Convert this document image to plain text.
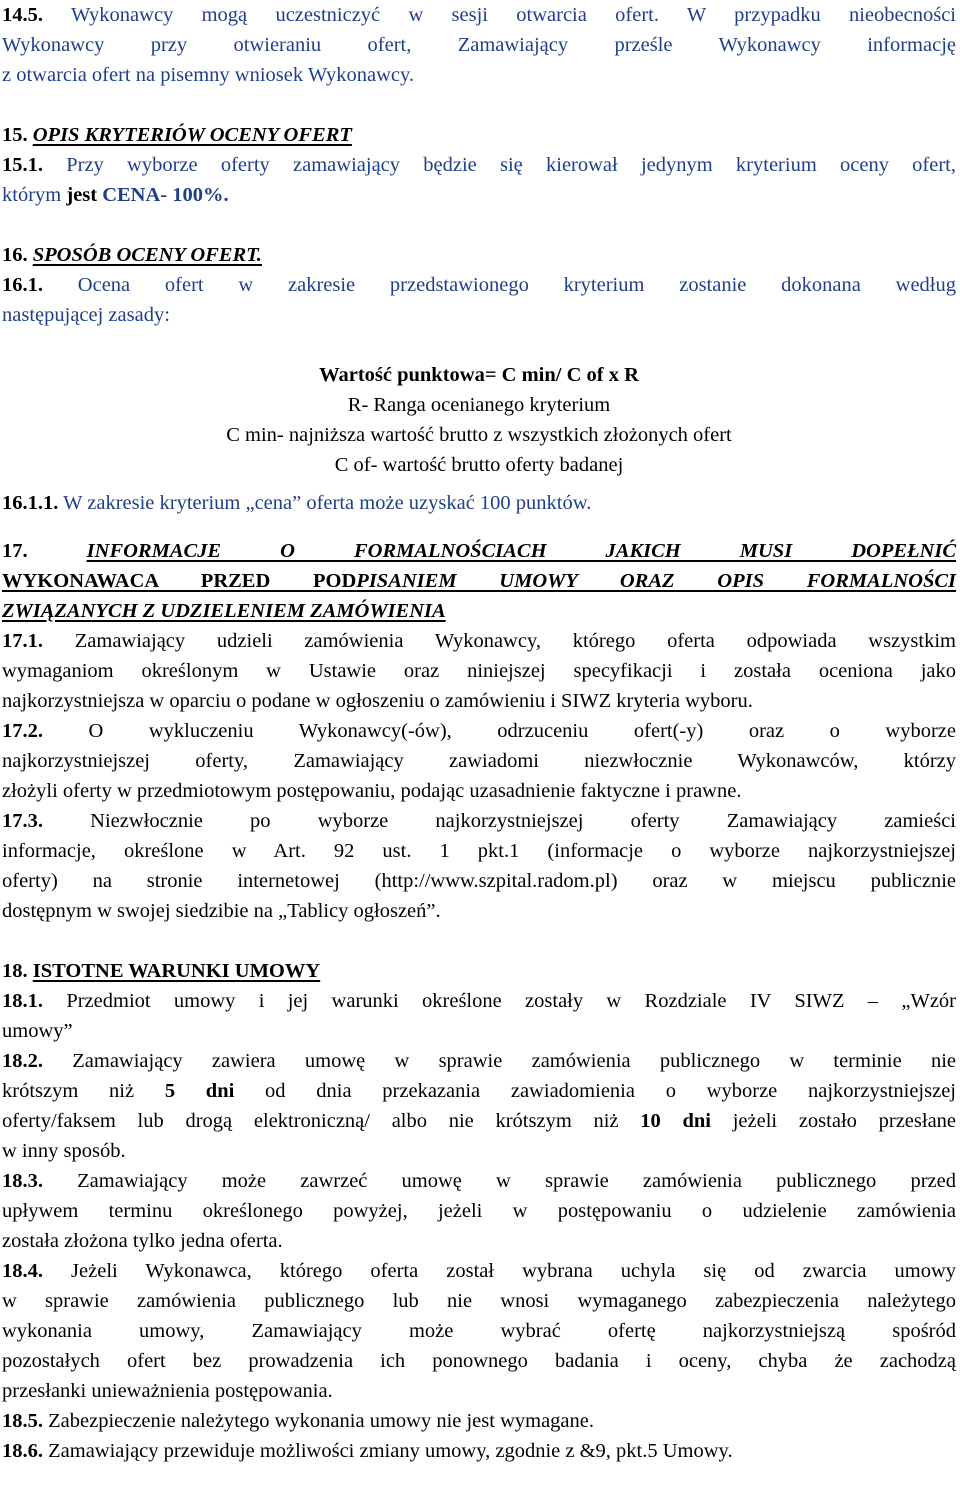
14.5. Wykonawcy mogą uczestniczyć w sesji otwarcia ofert. W przypadku nieobecności

Wykonawcy przy otwieraniu ofert, Zamawiający prześle Wykonawcy informację

z otwarcia ofert na pisemny wniosek Wykonawcy.

15. OPIS KRYTERIÓW OCENY OFERT

15.1. Przy wyborze oferty zamawiający będzie się kierował jedynym kryterium oceny ofert,

którym jest CENA- 100%.

16. SPOSÓB OCENY OFERT.

16.1. Ocena ofert w zakresie przedstawionego kryterium zostanie dokonana według

następującej zasady:

Wartość punktowa= C min/ C of x R

R- Ranga ocenianego kryterium

C min- najniższa wartość brutto z wszystkich złożonych ofert

C of- wartość brutto oferty badanej

16.1.1. W zakresie kryterium „cena” oferta może uzyskać 100 punktów.

17.	INFORMACJE O FORMALNOŚCIACH JAKICH MUSI DOPEŁNIĆ

WYKONAWACA PRZED PODPISANIEM UMOWY ORAZ OPIS FORMALNOŚCI

ZWIĄZANYCH Z UDZIELENIEM ZAMÓWIENIA

17.1. Zamawiający udzieli zamówienia Wykonawcy, którego oferta odpowiada wszystkim

wymaganiom określonym w Ustawie oraz niniejszej specyfikacji i została oceniona jako

najkorzystniejsza w oparciu o podane w ogłoszeniu o zamówieniu i SIWZ kryteria wyboru.

17.2. O wykluczeniu Wykonawcy(-ów), odrzuceniu ofert(-y) oraz o wyborze

najkorzystniejszej oferty, Zamawiający zawiadomi niezwłocznie Wykonawców, którzy

złożyli oferty w przedmiotowym postępowaniu, podając uzasadnienie faktyczne i prawne.

17.3. Niezwłocznie po wyborze najkorzystniejszej oferty Zamawiający zamieści

informacje, określone w Art. 92 ust. 1 pkt.1 (informacje o wyborze najkorzystniejszej

oferty) na stronie internetowej (http://www.szpital.radom.pl) oraz w miejscu publicznie

dostępnym w swojej siedzibie na „Tablicy ogłoszeń”.

18. ISTOTNE WARUNKI UMOWY

18.1. Przedmiot umowy i jej warunki określone zostały w Rozdziale IV SIWZ – „Wzór

umowy”

18.2. Zamawiający zawiera umowę w sprawie zamówienia publicznego w terminie nie

krótszym niż 5 dni od dnia przekazania zawiadomienia o wyborze najkorzystniejszej

oferty/faksem lub drogą elektroniczną/ albo nie krótszym niż 10 dni jeżeli zostało przesłane

w inny sposób.

18.3. Zamawiający może zawrzeć umowę w sprawie zamówienia publicznego przed

upływem terminu określonego powyżej, jeżeli w postępowaniu o udzielenie zamówienia

została złożona tylko jedna oferta.

18.4. Jeżeli Wykonawca, którego oferta został wybrana uchyla się od zwarcia umowy

w sprawie zamówienia publicznego lub nie wnosi wymaganego zabezpieczenia należytego

wykonania umowy, Zamawiający może wybrać ofertę najkorzystniejszą spośród

pozostałych ofert bez prowadzenia ich ponownego badania i oceny, chyba że zachodzą

przesłanki unieważnienia postępowania.

18.5. Zabezpieczenie należytego wykonania umowy nie jest wymagane.

18.6. Zamawiający przewiduje możliwości zmiany umowy, zgodnie z &9, pkt.5 Umowy.
